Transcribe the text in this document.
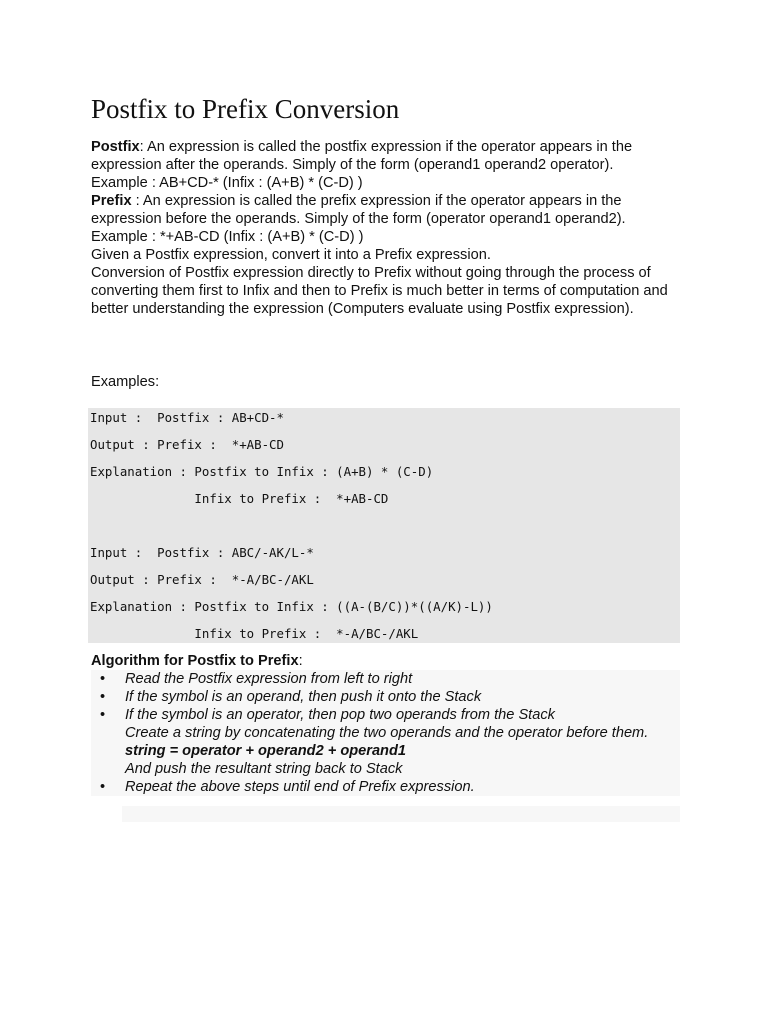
Postfix to Prefix Conversion

Postfix: An expression is called the postfix expression if the operator appears in the expression after the operands. Simply of the form (operand1 operand2 operator).

Example : AB+CD-* (Infix : (A+B) * (C-D) )

Prefix : An expression is called the prefix expression if the operator appears in the expression before the operands. Simply of the form (operator operand1 operand2).

Example : *+AB-CD (Infix : (A+B) * (C-D) )

Given a Postfix expression, convert it into a Prefix expression.

Conversion of Postfix expression directly to Prefix without going through the process of converting them first to Infix and then to Prefix is much better in terms of computation and better understanding the expression (Computers evaluate using Postfix expression).

Examples:

Input :  Postfix : AB+CD-*
Output : Prefix :  *+AB-CD
Explanation : Postfix to Infix : (A+B) * (C-D)
Infix to Prefix :  *+AB-CD
Input :  Postfix : ABC/-AK/L-*
Output : Prefix :  *-A/BC-/AKL
Explanation : Postfix to Infix : ((A-(B/C))*((A/K)-L))
Infix to Prefix :  *-A/BC-/AKL
Algorithm for Postfix to Prefix:
• Read the Postfix expression from left to right
• If the symbol is an operand, then push it onto the Stack
• If the symbol is an operator, then pop two operands from the Stack
Create a string by concatenating the two operands and the operator before them.
string = operator + operand2 + operand1
And push the resultant string back to Stack
• Repeat the above steps until end of Prefix expression.
